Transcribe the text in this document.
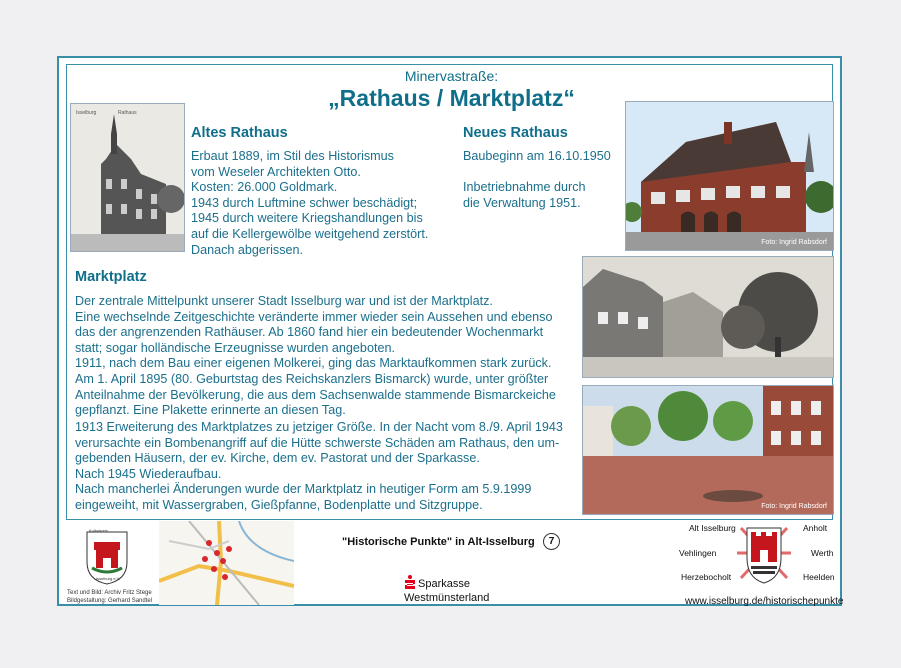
Minervastraße:
„Rathaus / Marktplatz“
Isselburg	Rathaus
Altes Rathaus
Erbaut 1889, im Stil des Historismus
vom Weseler Architekten Otto.
Kosten: 26.000 Goldmark.
1943 durch Luftmine schwer beschädigt;
1945 durch weitere Kriegshandlungen bis
auf die Kellergewölbe weitgehend zerstört.
Danach abgerissen.
Neues Rathaus
Baubeginn am 16.10.1950

Inbetriebnahme durch
die Verwaltung 1951.
Foto: Ingrid Rabsdorf
Marktplatz
Der zentrale Mittelpunkt unserer Stadt Isselburg war und ist der Marktplatz.
Eine wechselnde Zeitgeschichte veränderte immer wieder sein Aussehen und ebenso
das der angrenzenden Rathäuser. Ab 1860 fand hier ein bedeutender Wochenmarkt
statt; sogar holländische Erzeugnisse wurden angeboten.
1911, nach dem Bau einer eigenen Molkerei, ging das Marktaufkommen stark zurück.
Am 1. April 1895 (80. Geburtstag des Reichskanzlers Bismarck) wurde, unter größter
Anteilnahme der Bevölkerung, die aus dem Sachsenwalde stammende Bismarckeiche
gepflanzt. Eine Plakette erinnerte an diesen Tag.
1913 Erweiterung des Marktplatzes zu jetziger Größe. In der Nacht vom 8./9. April 1943
verursachte ein Bombenangriff auf die Hütte schwerste Schäden am Rathaus, den um-
gebenden Häusern, der ev. Kirche, dem ev. Pastorat und der Sparkasse.
Nach 1945 Wiederaufbau.
Nach mancherlei Änderungen wurde der Marktplatz in heutiger Form am 5.9.1999
eingeweiht, mit Wassergraben, Gießpfanne, Bodenplatte und Sitzgruppe.	Foto: Ingrid Rabsdorf
Kulturkreis
Isselburg e.V.
Text und Bild: Archiv Fritz Stege
Bildgestaltung: Gerhard Sandtel
"Historische Punkte" in Alt-Isselburg	7
Sparkasse
Westmünsterland
Alt Isselburg
Vehlingen
Herzebocholt
Anholt
Werth
Heelden
www.isselburg.de/historischepunkte
